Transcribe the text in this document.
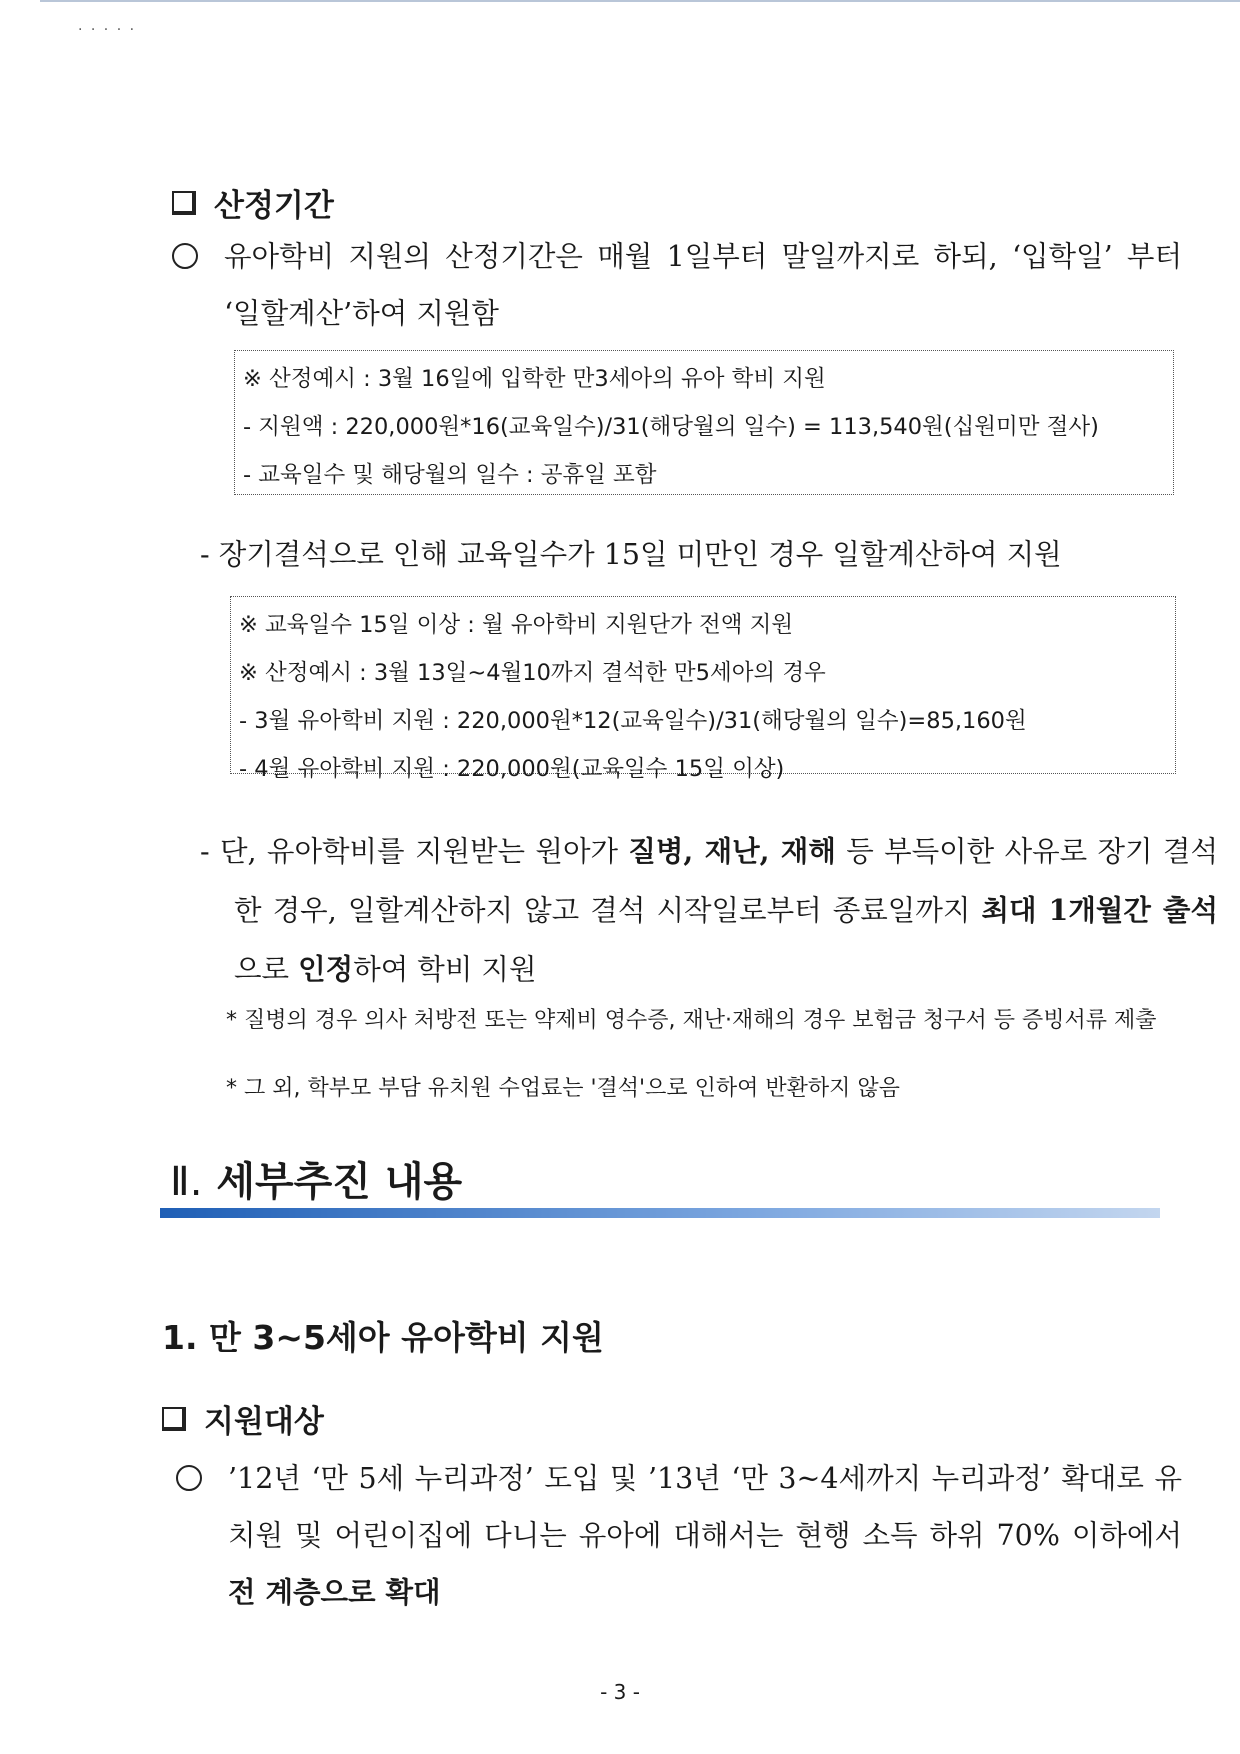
· · · · ·
산정기간
유아학비 지원의 산정기간은 매월 1일부터 말일까지로 하되, ‘입학일’ 부터 ‘일할계산’하여 지원함
※ 산정예시 : 3월 16일에 입학한 만3세아의 유아 학비 지원
- 지원액 : 220,000원*16(교육일수)/31(해당월의 일수) = 113,540원(십원미만 절사)
- 교육일수 및 해당월의 일수 : 공휴일 포함
- 장기결석으로 인해 교육일수가 15일 미만인 경우 일할계산하여 지원
※ 교육일수 15일 이상 : 월 유아학비 지원단가 전액 지원
※ 산정예시 : 3월 13일~4월10까지 결석한 만5세아의 경우
- 3월 유아학비 지원 : 220,000원*12(교육일수)/31(해당월의 일수)=85,160원
- 4월 유아학비 지원 : 220,000원(교육일수 15일 이상)
- 단, 유아학비를 지원받는 원아가 질병, 재난, 재해 등 부득이한 사유로 장기 결석한 경우, 일할계산하지 않고 결석 시작일로부터 종료일까지 최대 1개월간 출석으로 인정하여 학비 지원
* 질병의 경우 의사 처방전 또는 약제비 영수증, 재난·재해의 경우 보험금 청구서 등 증빙서류 제출
* 그 외, 학부모 부담 유치원 수업료는 '결석'으로 인하여 반환하지 않음
Ⅱ. 세부추진 내용
1. 만 3~5세아 유아학비 지원
지원대상
’12년 ‘만 5세 누리과정’ 도입 및 ’13년 ‘만 3~4세까지 누리과정’ 확대로 유치원 및 어린이집에 다니는 유아에 대해서는 현행 소득 하위 70% 이하에서 전 계층으로 확대
- 3 -
